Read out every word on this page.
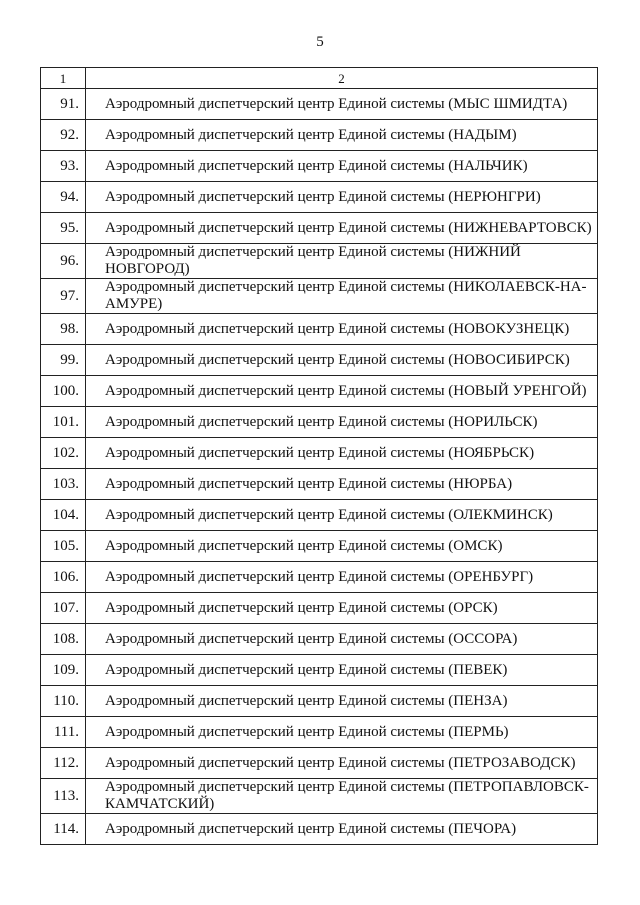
5
1	2
91.	Аэродромный диспетчерский центр Единой системы (МЫС ШМИДТА)
92.	Аэродромный диспетчерский центр Единой системы (НАДЫМ)
93.	Аэродромный диспетчерский центр Единой системы (НАЛЬЧИК)
94.	Аэродромный диспетчерский центр Единой системы (НЕРЮНГРИ)
95.	Аэродромный диспетчерский центр Единой системы (НИЖНЕВАРТОВСК)
96.	Аэродромный диспетчерский центр Единой системы (НИЖНИЙ НОВГОРОД)
97.	Аэродромный диспетчерский центр Единой системы (НИКОЛАЕВСК-НА-АМУРЕ)
98.	Аэродромный диспетчерский центр Единой системы (НОВОКУЗНЕЦК)
99.	Аэродромный диспетчерский центр Единой системы (НОВОСИБИРСК)
100.	Аэродромный диспетчерский центр Единой системы (НОВЫЙ УРЕНГОЙ)
101.	Аэродромный диспетчерский центр Единой системы (НОРИЛЬСК)
102.	Аэродромный диспетчерский центр Единой системы (НОЯБРЬСК)
103.	Аэродромный диспетчерский центр Единой системы (НЮРБА)
104.	Аэродромный диспетчерский центр Единой системы (ОЛЕКМИНСК)
105.	Аэродромный диспетчерский центр Единой системы (ОМСК)
106.	Аэродромный диспетчерский центр Единой системы (ОРЕНБУРГ)
107.	Аэродромный диспетчерский центр Единой системы (ОРСК)
108.	Аэродромный диспетчерский центр Единой системы (ОССОРА)
109.	Аэродромный диспетчерский центр Единой системы (ПЕВЕК)
110.	Аэродромный диспетчерский центр Единой системы (ПЕНЗА)
111.	Аэродромный диспетчерский центр Единой системы (ПЕРМЬ)
112.	Аэродромный диспетчерский центр Единой системы (ПЕТРОЗАВОДСК)
113.	Аэродромный диспетчерский центр Единой системы (ПЕТРОПАВЛОВСК-КАМЧАТСКИЙ)
114.	Аэродромный диспетчерский центр Единой системы (ПЕЧОРА)
